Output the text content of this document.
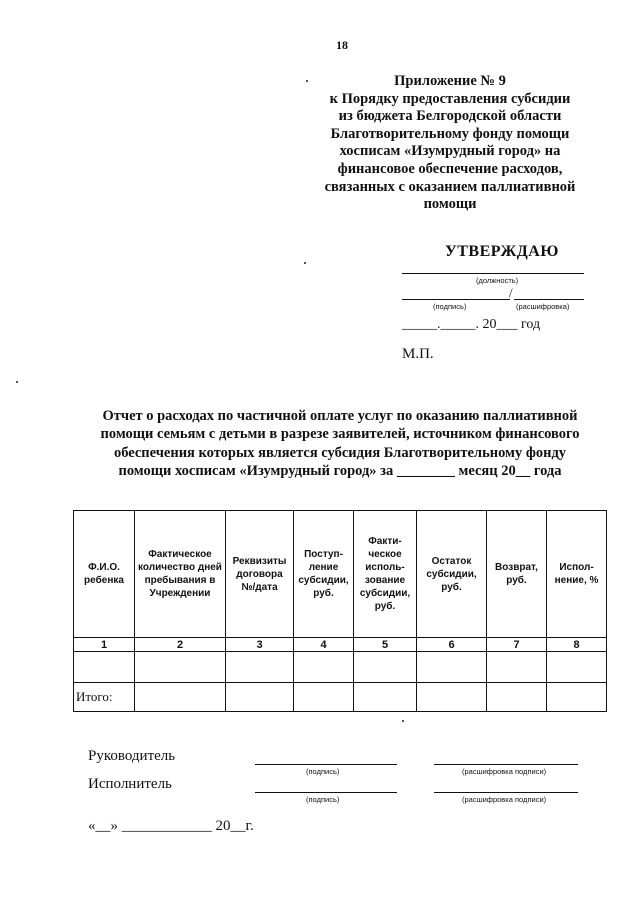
18
Приложение № 9
к Порядку предоставления субсидии
из бюджета Белгородской области
Благотворительному фонду помощи
хосписам «Изумрудный город» на
финансовое обеспечение расходов,
связанных с оказанием паллиативной
помощи
УТВЕРЖДАЮ
(должность)
/
(подпись)	(расшифровка)
_____._____. 20___ год
М.П.
Отчет о расходах по частичной оплате услуг по оказанию паллиативной
помощи семьям с детьми в разрезе заявителей, источником финансового
обеспечения которых является субсидия Благотворительному фонду
помощи хосписам «Изумрудный город» за ________ месяц 20__ года
Ф.И.О. ребенка	Фактическое количество дней пребывания в Учреждении	Реквизиты договора №/дата	Поступ-ление субсидии, руб.	Факти-ческое исполь-зование субсидии, руб.	Остаток субсидии, руб.	Возврат, руб.	Испол-нение, %
1	2	3	4	5	6	7	8

Итого:							
Руководитель
(подпись)	(расшифровка подписи)
Исполнитель
(подпись)	(расшифровка подписи)
«__» ____________ 20__г.
